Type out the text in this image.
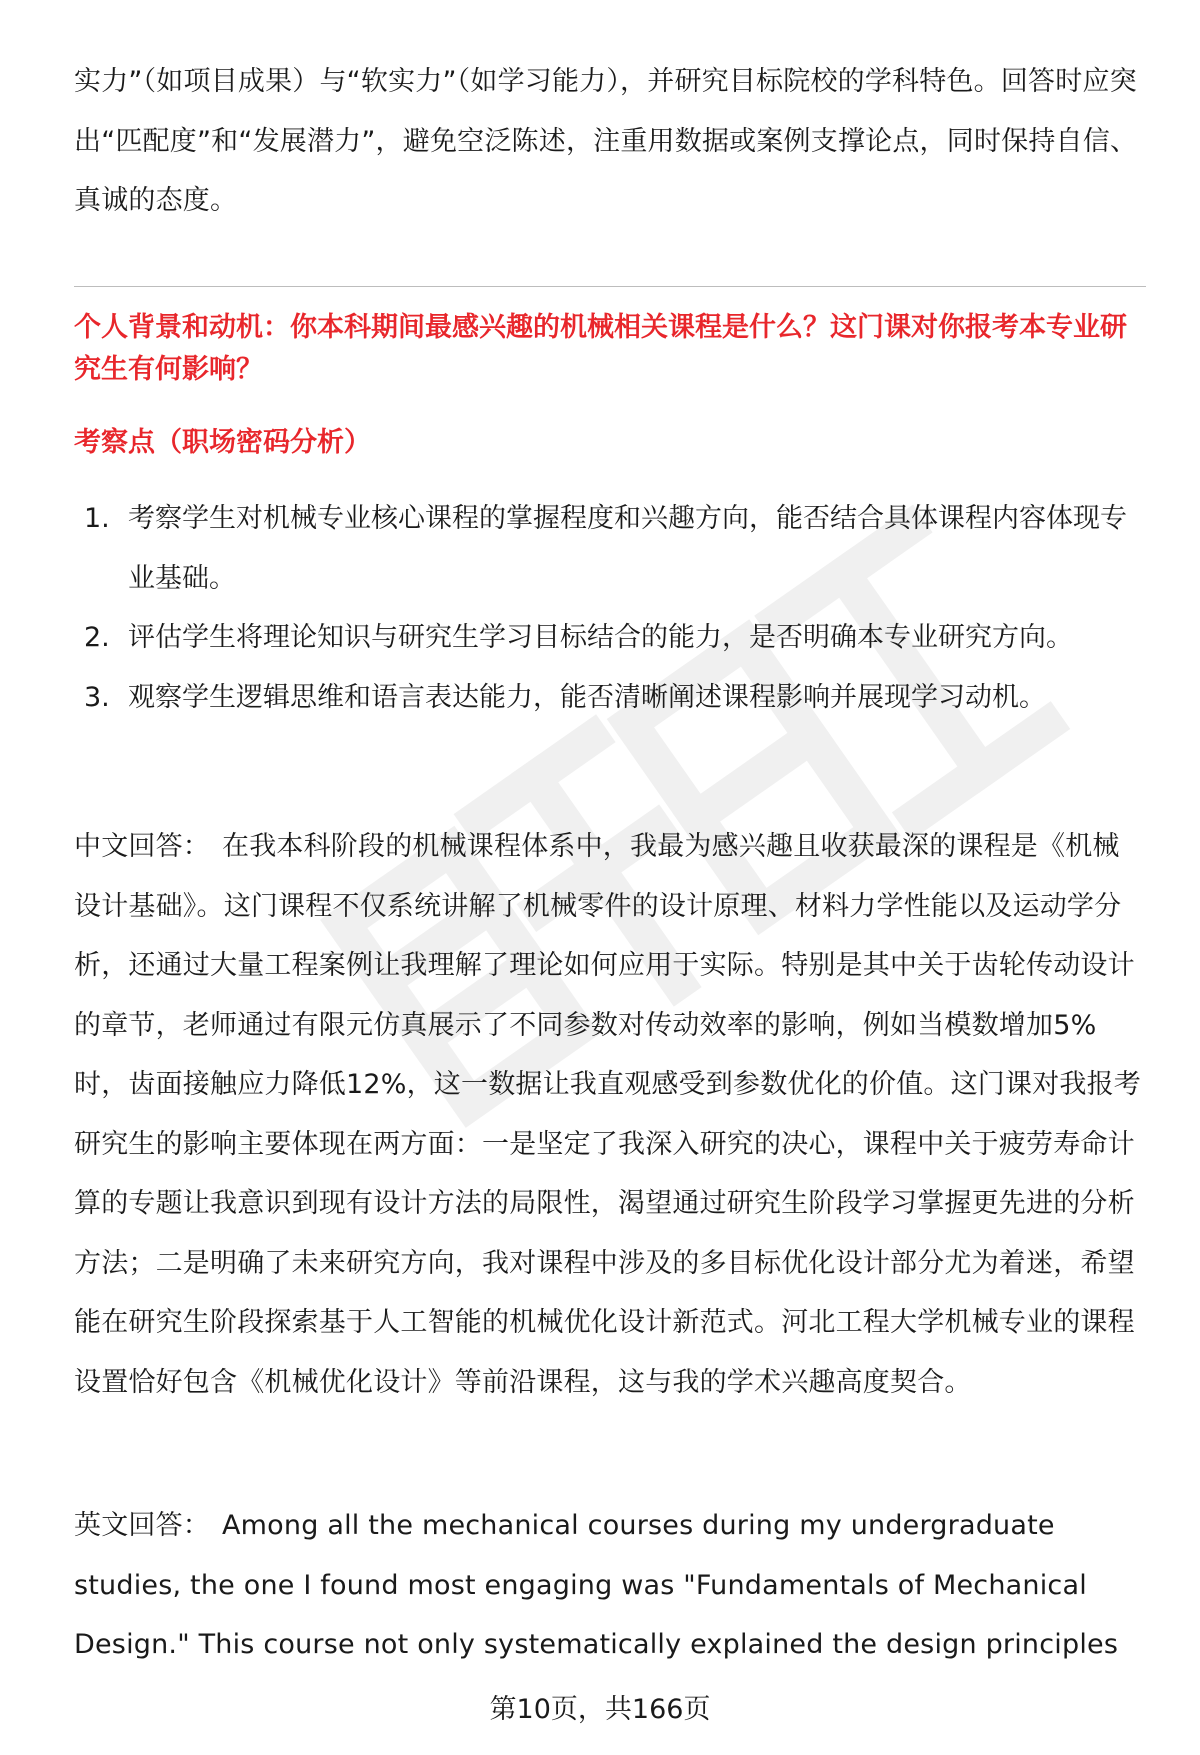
实力”（如项目成果）与“软实力”（如学习能力），并研究目标院校的学科特色。回答时应突出“匹配度”和“发展潜力”，避免空泛陈述，注重用数据或案例支撑论点，同时保持自信、真诚的态度。

个人背景和动机：你本科期间最感兴趣的机械相关课程是什么？这门课对你报考本专业研究生有何影响？

考察点（职场密码分析）

1. 考察学生对机械专业核心课程的掌握程度和兴趣方向，能否结合具体课程内容体现专业基础。
2. 评估学生将理论知识与研究生学习目标结合的能力，是否明确本专业研究方向。
3. 观察学生逻辑思维和语言表达能力，能否清晰阐述课程影响并展现学习动机。

中文回答： 在我本科阶段的机械课程体系中，我最为感兴趣且收获最深的课程是《机械设计基础》。这门课程不仅系统讲解了机械零件的设计原理、材料力学性能以及运动学分析，还通过大量工程案例让我理解了理论如何应用于实际。特别是其中关于齿轮传动设计的章节，老师通过有限元仿真展示了不同参数对传动效率的影响，例如当模数增加5%时，齿面接触应力降低12%，这一数据让我直观感受到参数优化的价值。这门课对我报考研究生的影响主要体现在两方面：一是坚定了我深入研究的决心，课程中关于疲劳寿命计算的专题让我意识到现有设计方法的局限性，渴望通过研究生阶段学习掌握更先进的分析方法；二是明确了未来研究方向，我对课程中涉及的多目标优化设计部分尤为着迷，希望能在研究生阶段探索基于人工智能的机械优化设计新范式。河北工程大学机械专业的课程设置恰好包含《机械优化设计》等前沿课程，这与我的学术兴趣高度契合。

英文回答： Among all the mechanical courses during my undergraduate studies, the one I found most engaging was "Fundamentals of Mechanical Design." This course not only systematically explained the design principles

第10页，共166页
